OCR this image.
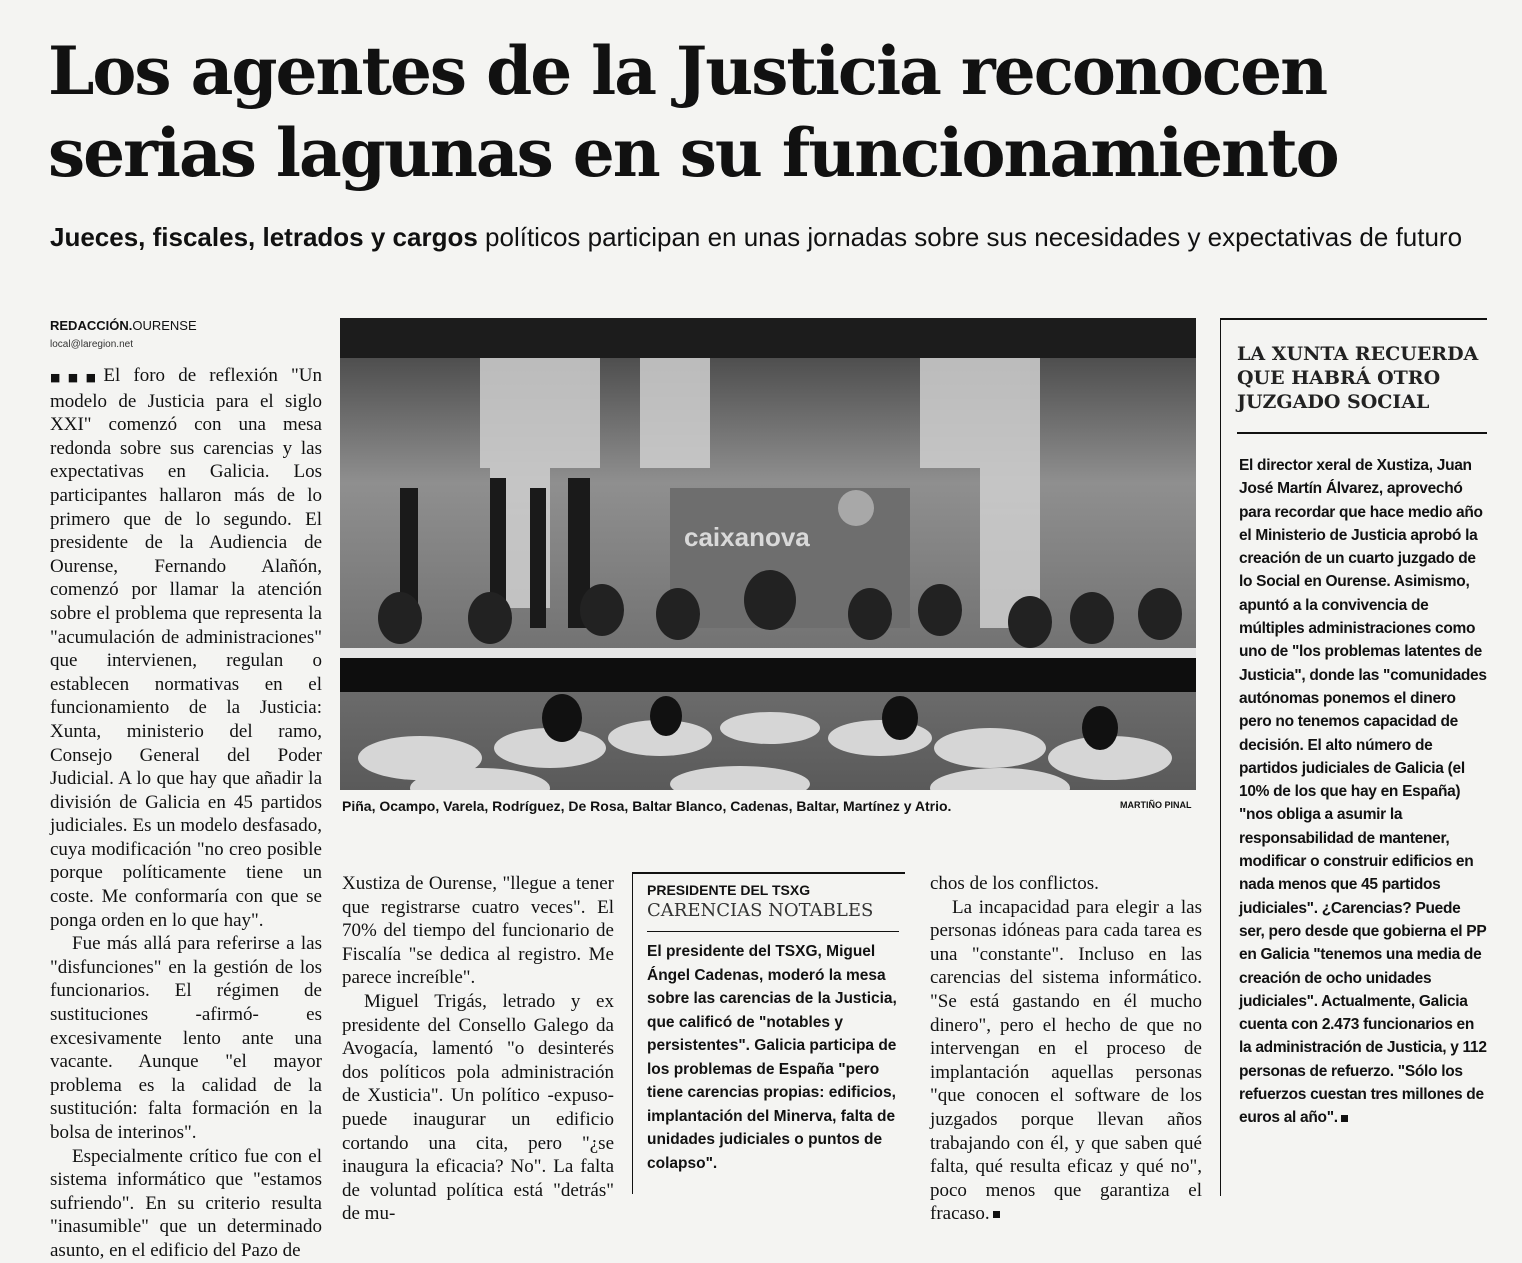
Los agentes de la Justicia reconocen
serias lagunas en su funcionamiento
Jueces, fiscales, letrados y cargos políticos participan en unas jornadas sobre sus necesidades y expectativas de futuro
REDACCIÓN.OURENSE
local@laregion.net

■■■El foro de reflexión "Un modelo de Justicia para el siglo XXI" comenzó con una mesa redonda sobre sus carencias y las expectativas en Galicia. Los participantes hallaron más de lo primero que de lo segundo. El presidente de la Audiencia de Ourense, Fernando Alañón, comenzó por llamar la atención sobre el problema que representa la "acumulación de administraciones" que intervienen, regulan o establecen normativas en el funcionamiento de la Justicia: Xunta, ministerio del ramo, Consejo General del Poder Judicial. A lo que hay que añadir la división de Galicia en 45 partidos judiciales. Es un modelo desfasado, cuya modificación "no creo posible porque políticamente tiene un coste. Me conformaría con que se ponga orden en lo que hay".

Fue más allá para referirse a las "disfunciones" en la gestión de los funcionarios. El régimen de sustituciones -afirmó- es excesivamente lento ante una vacante. Aunque "el mayor problema es la calidad de la sustitución: falta formación en la bolsa de interinos".

Especialmente crítico fue con el sistema informático que "estamos sufriendo". En su criterio resulta "inasumible" que un determinado asunto, en el edificio del Pazo de

caixanova
Piña, Ocampo, Varela, Rodríguez, De Rosa, Baltar Blanco, Cadenas, Baltar, Martínez y Atrio.	MARTIÑO PINAL

Xustiza de Ourense, "llegue a tener que registrarse cuatro veces". El 70% del tiempo del funcionario de Fiscalía "se dedica al registro. Me parece increíble".

Miguel Trigás, letrado y ex presidente del Consello Galego da Avogacía, lamentó "o desinterés dos políticos pola administración de Xusticia". Un político -expuso- puede inaugurar un edificio cortando una cita, pero "¿se inaugura la eficacia? No". La falta de voluntad política está "detrás" de mu-

PRESIDENTE DEL TSXG
CARENCIAS NOTABLES
El presidente del TSXG, Miguel Ángel Cadenas, moderó la mesa sobre las carencias de la Justicia, que calificó de "notables y persistentes". Galicia participa de los problemas de España "pero tiene carencias propias: edificios, implantación del Minerva, falta de unidades judiciales o puntos de colapso".

chos de los conflictos.

La incapacidad para elegir a las personas idóneas para cada tarea es una "constante". Incluso en las carencias del sistema informático. "Se está gastando en él mucho dinero", pero el hecho de que no intervengan en el proceso de implantación aquellas personas "que conocen el software de los juzgados porque llevan años trabajando con él, y que saben qué falta, qué resulta eficaz y qué no", poco menos que garantiza el fracaso.

LA XUNTA RECUERDA QUE HABRÁ OTRO JUZGADO SOCIAL
El director xeral de Xustiza, Juan José Martín Álvarez, aprovechó para recordar que hace medio año el Ministerio de Justicia aprobó la creación de un cuarto juzgado de lo Social en Ourense. Asimismo, apuntó a la convivencia de múltiples administraciones como uno de "los problemas latentes de Justicia", donde las "comunidades autónomas ponemos el dinero pero no tenemos capacidad de decisión. El alto número de partidos judiciales de Galicia (el 10% de los que hay en España) "nos obliga a asumir la responsabilidad de mantener, modificar o construir edificios en nada menos que 45 partidos judiciales". ¿Carencias? Puede ser, pero desde que gobierna el PP en Galicia "tenemos una media de creación de ocho unidades judiciales". Actualmente, Galicia cuenta con 2.473 funcionarios en la administración de Justicia, y 112 personas de refuerzo. "Sólo los refuerzos cuestan tres millones de euros al año".
